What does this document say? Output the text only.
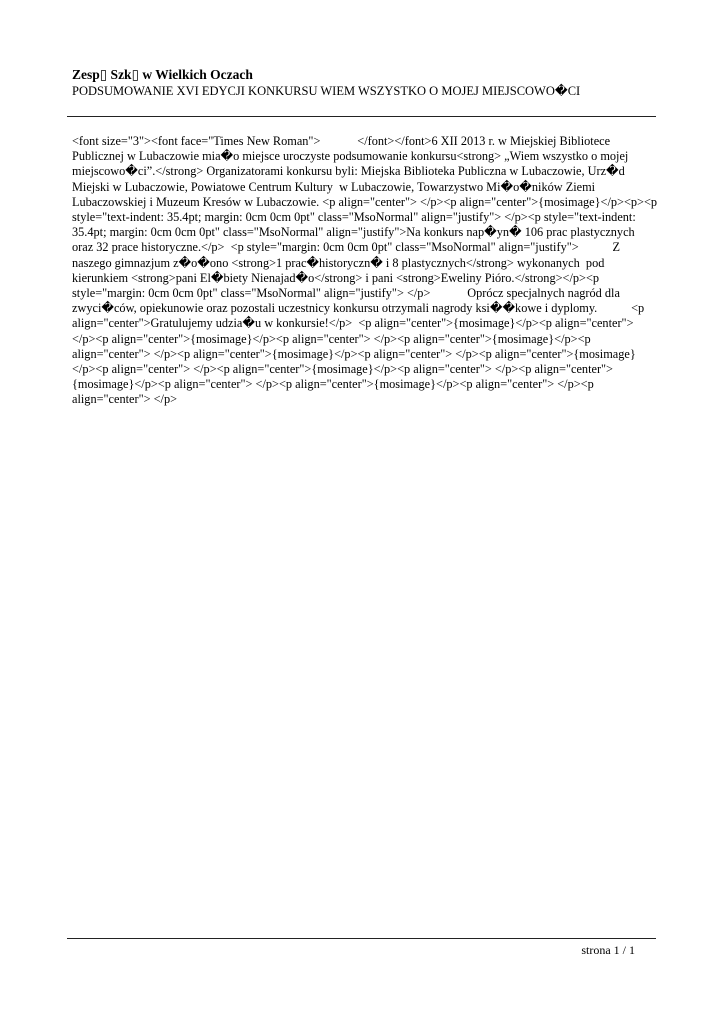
Zesp▯ Szk▯ w Wielkich Oczach
PODSUMOWANIE XVI EDYCJI KONKURSU WIEM WSZYSTKO O MOJEJ MIEJSCOWO�CI
<font size="3"><font face="Times New Roman">            </font></font>6 XII 2013 r. w Miejskiej Bibliotece Publicznej w Lubaczowie mia�o miejsce uroczyste podsumowanie konkursu<strong> „Wiem wszystko o mojej miejscowo�ci”.</strong> Organizatorami konkursu byli: Miejska Biblioteka Publiczna w Lubaczowie, Urz�d Miejski w Lubaczowie, Powiatowe Centrum Kultury  w Lubaczowie, Towarzystwo Mi�o�ników Ziemi Lubaczowskiej i Muzeum Kresów w Lubaczowie. <p align="center"> </p><p align="center">{mosimage}</p><p><p style="text-indent: 35.4pt; margin: 0cm 0cm 0pt" class="MsoNormal" align="justify"> </p><p style="text-indent: 35.4pt; margin: 0cm 0cm 0pt" class="MsoNormal" align="justify">Na konkurs nap�yn� 106 prac plastycznych oraz 32 prace historyczne.</p>  <p style="margin: 0cm 0cm 0pt" class="MsoNormal" align="justify">           Z naszego gimnazjum z�o�ono <strong>1 prac�historyczn� i 8 plastycznych</strong> wykonanych  pod kierunkiem <strong>pani El�biety Nienajad�o</strong> i pani <strong>Eweliny Pióro.</strong></p><p style="margin: 0cm 0cm 0pt" class="MsoNormal" align="justify"> </p>            Oprócz specjalnych nagród dla zwyci�ców, opiekunowie oraz pozostali uczestnicy konkursu otrzymali nagrody ksi��kowe i dyplomy.           <p align="center">Gratulujemy udzia�u w konkursie!</p>  <p align="center">{mosimage}</p><p align="center"> </p><p align="center">{mosimage}</p><p align="center"> </p><p align="center">{mosimage}</p><p align="center"> </p><p align="center">{mosimage}</p><p align="center"> </p><p align="center">{mosimage}</p><p align="center"> </p><p align="center">{mosimage}</p><p align="center"> </p><p align="center">{mosimage}</p><p align="center"> </p><p align="center">{mosimage}</p><p align="center"> </p><p align="center"> </p>
strona 1 / 1
